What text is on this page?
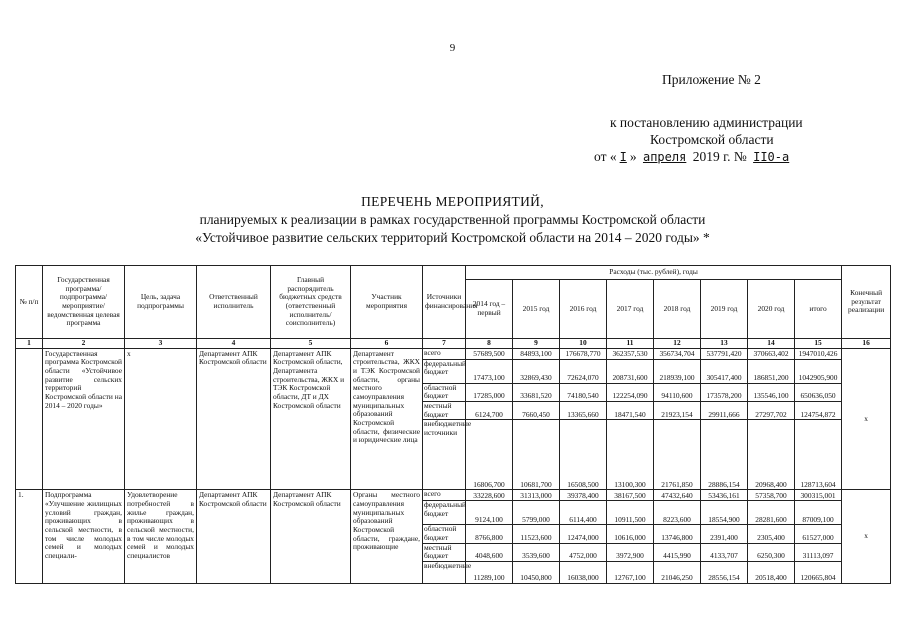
9
Приложение № 2
к постановлению администрации
Костромской области
от « I » апреля 2019 г. № II0-а
ПЕРЕЧЕНЬ МЕРОПРИЯТИЙ,
планируемых к реализации в рамках государственной программы Костромской области
«Устойчивое развитие сельских территорий Костромской области на 2014 – 2020 годы» *
№ п/п	Государственная программа/подпрограмма/мероприятие/ ведомственная целевая программа	Цель, задача подпрограммы	Ответственный исполнитель	Главный распорядитель бюджетных средств (ответственный исполнитель/ соисполнитель)	Участник мероприятия	Источники финансирования	Расходы (тыс. рублей), годы								Конечный результат реализации
							2014 год – первый	2015 год	2016 год	2017 год	2018 год	2019 год	2020 год	итого	
1	2	3	4	5	6	7	8	9	10	11	12	13	14	15	16
	Государственная программа Костромской области «Устойчивое развитие сельских территорий Костромской области на 2014 – 2020 годы»	х	Департамент АПК Костромской области	Департамент АПК Костромской области, Департамента строительства, ЖКХ и ТЭК Костромской области, ДТ и ДХ Костромской области	Департамент строительства, ЖКХ и ТЭК Костромской области, органы местного самоуправления муниципальных образований Костромской области, физические и юридические лица	всего	57689,500	84893,100	176678,770	362357,530	356734,704	537791,420	370663,402	1947010,426	х
						федеральный бюджет	17473,100	32869,430	72624,070	208731,600	218939,100	305417,400	186851,200	1042905,900	
						областной бюджет	17285,000	33681,520	74180,540	122254,090	94110,600	173578,200	135546,100	650636,050	
						местный бюджет	6124,700	7660,450	13365,660	18471,540	21923,154	29911,666	27297,702	124754,872	
						внебюджетные источники	16806,700	10681,700	16508,500	13100,300	21761,850	28886,154	20968,400	128713,604	
1.	Подпрограмма «Улучшение жилищных условий граждан, проживающих в сельской местности, в том числе молодых семей и молодых специали-	Удовлетворение потребностей в жилье граждан, проживающих в сельской местности, в том числе молодых семей и молодых специалистов	Департамент АПК Костромской области	Департамент АПК Костромской области	Органы местного самоуправления муниципальных образований Костромской области, граждане, проживающие	всего	33228,600	31313,000	39378,400	38167,500	47432,640	53436,161	57358,700	300315,001	х
						федеральный бюджет	9124,100	5799,000	6114,400	10911,500	8223,600	18554,900	28281,600	87009,100	
						областной бюджет	8766,800	11523,600	12474,000	10616,000	13746,800	2391,400	2305,400	61527,000	
						местный бюджет	4048,600	3539,600	4752,000	3972,900	4415,990	4133,707	6250,300	31113,097	
						внебюджетные	11289,100	10450,800	16038,000	12767,100	21046,250	28556,154	20518,400	120665,804	
